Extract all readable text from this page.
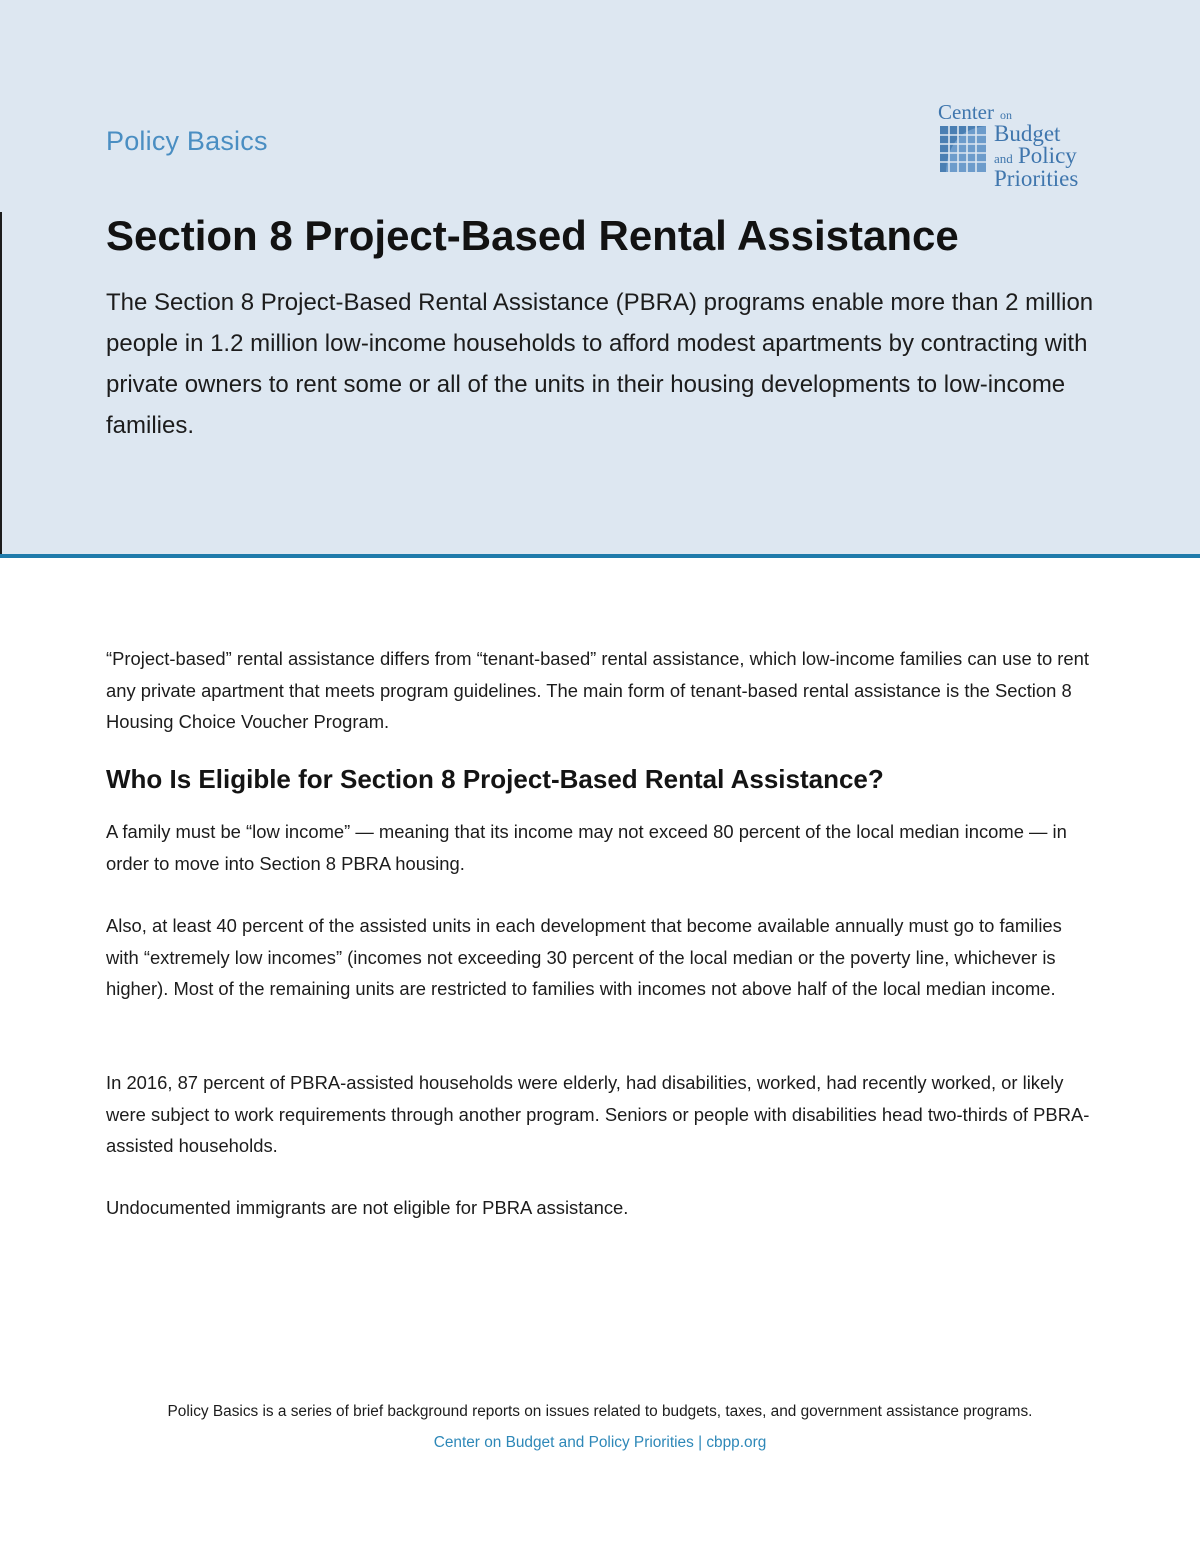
Policy Basics
Center on
Budget
and Policy
Priorities
Section 8 Project-Based Rental Assistance

The Section 8 Project-Based Rental Assistance (PBRA) programs enable more than 2 million people in 1.2 million low-income households to afford modest apartments by contracting with private owners to rent some or all of the units in their housing developments to low-income families.

“Project-based” rental assistance differs from “tenant-based” rental assistance, which low-income families can use to rent any private apartment that meets program guidelines. The main form of tenant-based rental assistance is the Section 8 Housing Choice Voucher Program.

Who Is Eligible for Section 8 Project-Based Rental Assistance?

A family must be “low income” — meaning that its income may not exceed 80 percent of the local median income — in order to move into Section 8 PBRA housing.

Also, at least 40 percent of the assisted units in each development that become available annually must go to families with “extremely low incomes” (incomes not exceeding 30 percent of the local median or the poverty line, whichever is higher). Most of the remaining units are restricted to families with incomes not above half of the local median income.

In 2016, 87 percent of PBRA-assisted households were elderly, had disabilities, worked, had recently worked, or likely were subject to work requirements through another program. Seniors or people with disabilities head two-thirds of PBRA-assisted households.

Undocumented immigrants are not eligible for PBRA assistance.

Policy Basics is a series of brief background reports on issues related to budgets, taxes, and government assistance programs.
Center on Budget and Policy Priorities | cbpp.org
